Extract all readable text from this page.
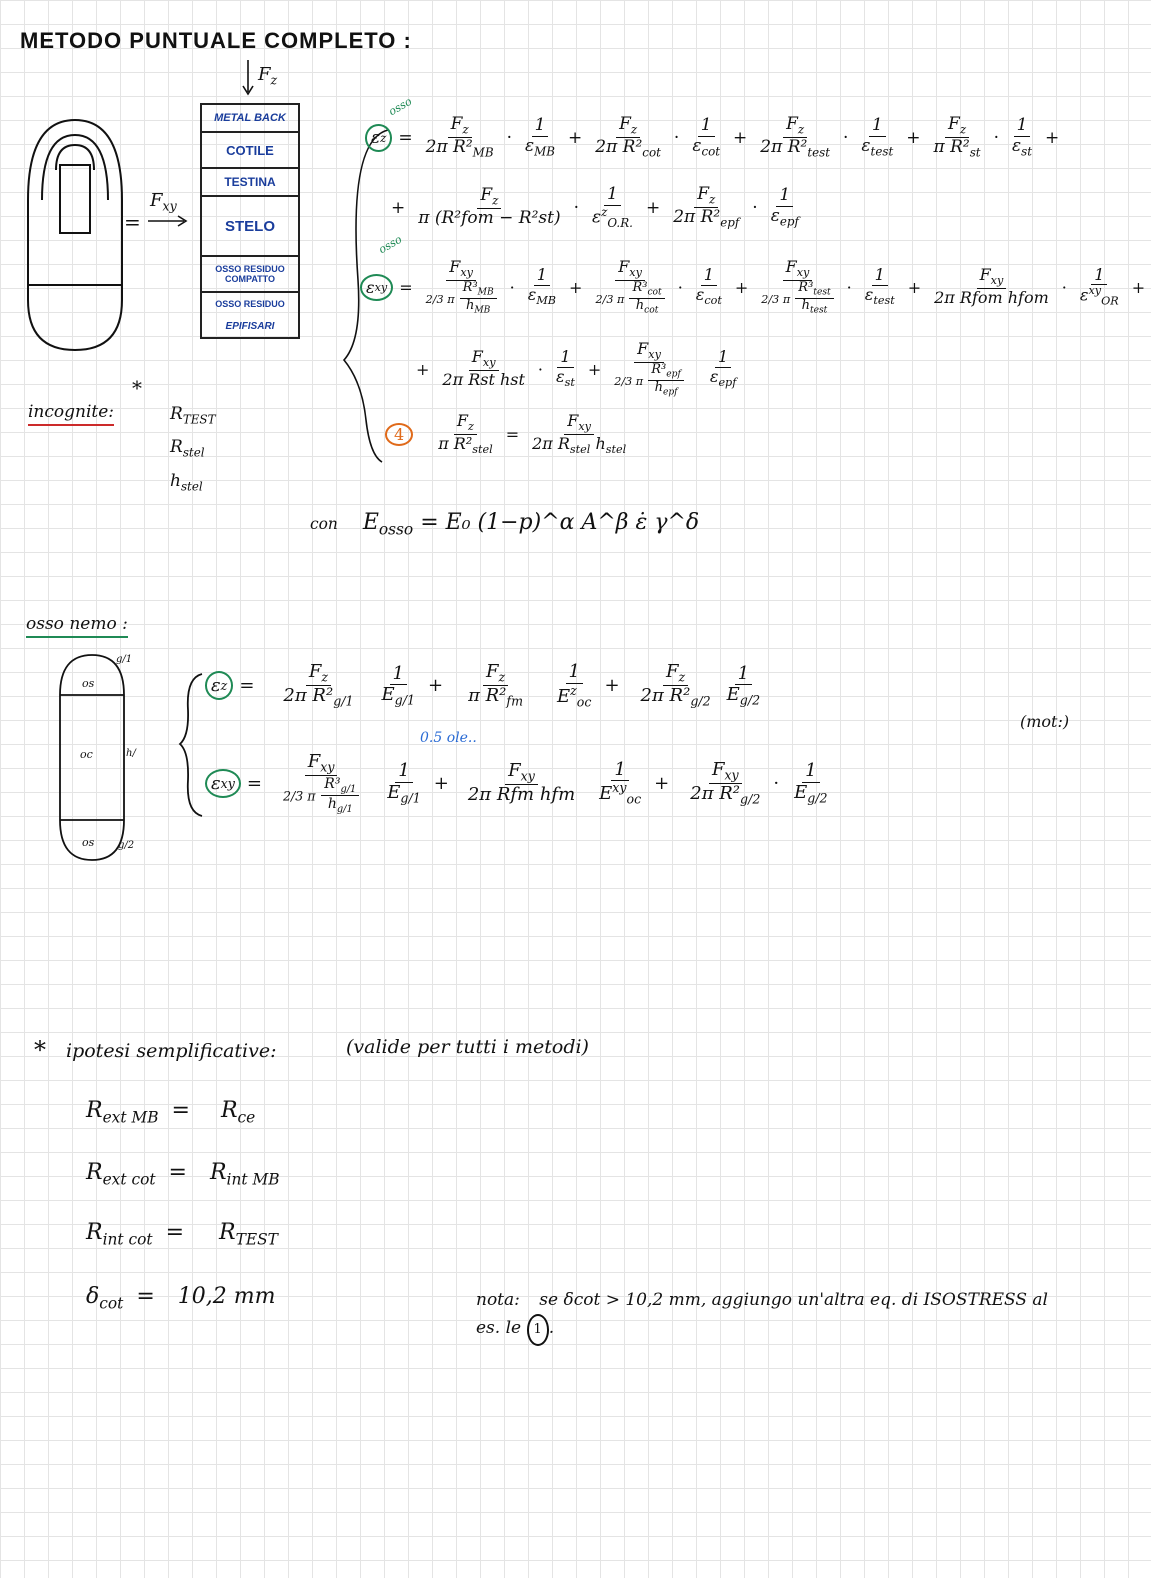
METODO PUNTUALE COMPLETO :
=
$F_{xy}$
$F_z$
METAL BACK
COTILE
TESTINA
STELO
OSSO RESIDUO COMPATTO
OSSO RESIDUO
EPIFISARI
osso
ε $z = \frac{F_z}{2\pi R^2_{MB}} \cdot \frac{1}{\varepsilon_{MB}} + \frac{F_z}{2\pi R^2_{cot}} \cdot \frac{1}{\varepsilon_{cot}} + \frac{F_z}{2\pi R^2_{test}} \cdot \frac{1}{\varepsilon_{test}} + \frac{F_z}{\pi R^2_{st}} \cdot \frac{1}{\varepsilon_{st}}$ +
+ $\frac{F_z}{\text{π (R²fom − R²st)}} \cdot \frac{1}{\varepsilon^z_{O.R.}} + \frac{F_z}{2\pi R^2_{epf}} \cdot \frac{1}{\varepsilon_{epf}}$
osso
ε xy = $\frac{F_{xy}}{2/3 \pi \frac{R^3_{MB}}{h_{MB}}} \cdot \frac{1}{\varepsilon_{MB}} + \frac{F_{xy}}{2/3 \pi \frac{R^3_{cot}}{h_{cot}}} \cdot \frac{1}{\varepsilon_{cot}} + \frac{F_{xy}}{2/3 \pi \frac{R^3_{test}}{h_{test}}} \cdot \frac{1}{\varepsilon_{test}} + \frac{F_{xy}}{\text{2π Rfom hfom}} \cdot \frac{1}{\varepsilon^{xy}_{OR}}$ +
+ $\frac{F_{xy}}{\text{2π Rst hst}} \cdot \frac{1}{\varepsilon_{st}} + \frac{F_{xy}}{2/3 \pi \frac{R^3_{epf}}{h_{epf}}} \frac{1}{\varepsilon_{epf}}$
4	$\frac{F_z}{\pi R^2_{stel}} = \frac{F_{xy}}{2\pi R_{stel} h_{stel}}$
*
incognite:	$R_{TEST}$
$R_{stel}$
$h_{stel}$
con $E_{osso} = E_0$ (1−p)^α A^β ε̇ γ^δ
osso nemo :
os
oc
os
g/1
h/
g/2
ε $z = \frac{F_z}{2\pi R^2_{g/1}} \frac{1}{E_{g/1}} + \frac{F_z}{\pi R^2_{fm}} \frac{1}{E^z_{oc}} + \frac{F_z}{2\pi R^2_{g/2}} \frac{1}{E_{g/2}}$
0.5 ole..
(mot:)
ε xy = $\frac{F_{xy}}{2/3 \pi \frac{R^3_{g/1}}{h_{g/1}}} \frac{1}{E_{g/1}} + \frac{F_{xy}}{\text{2π Rfm hfm}} \frac{1}{E^{xy}_{oc}} + \frac{F_{xy}}{2\pi R^2_{g/2}} \cdot \frac{1}{E_{g/2}}$
* ipotesi semplificative:	(valide per tutti i metodi)
$R_{ext MB} = R_{ce}$
$R_{ext cot} = R_{int MB}$
$R_{int cot} = R_{TEST}$
$\delta_{cot} = 10,2$ mm	nota: se δcot > 10,2 mm, aggiungo un'altra eq. di ISOSTRESS al es. le 1 .
